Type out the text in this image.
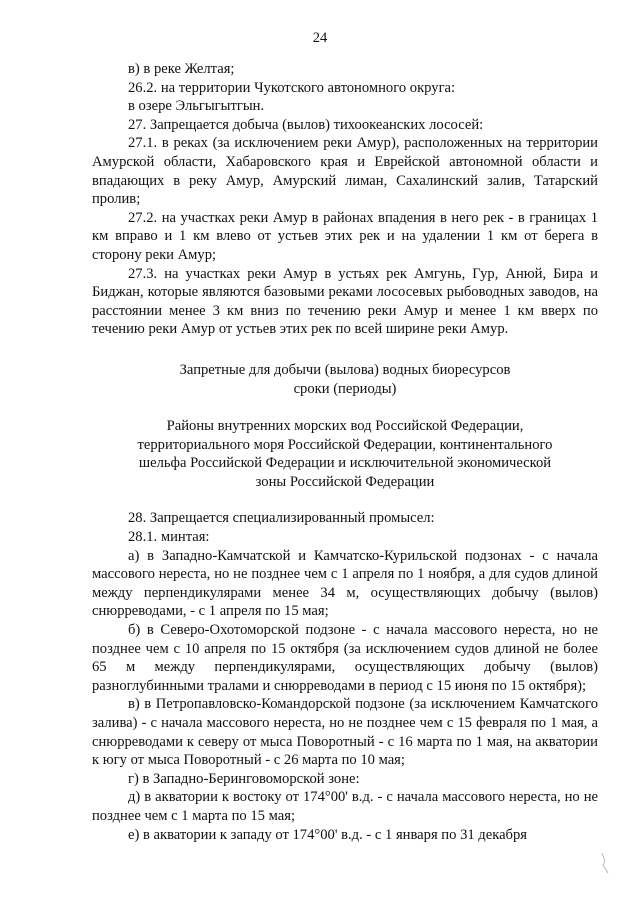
24

в) в реке Желтая;

26.2. на территории Чукотского автономного округа:

в озере Эльгыгытгын.

27. Запрещается добыча (вылов) тихоокеанских лососей:

27.1. в реках (за исключением реки Амур), расположенных на территории Амурской области, Хабаровского края и Еврейской автономной области и впадающих в реку Амур, Амурский лиман, Сахалинский залив, Татарский пролив;

27.2. на участках реки Амур в районах впадения в него рек - в границах 1 км вправо и 1 км влево от устьев этих рек и на удалении 1 км от берега в сторону реки Амур;

27.3. на участках реки Амур в устьях рек Амгунь, Гур, Анюй, Бира и Биджан, которые являются базовыми реками лососевых рыбоводных заводов, на расстоянии менее 3 км вниз по течению реки Амур и менее 1 км вверх по течению реки Амур от устьев этих рек по всей ширине реки Амур.

Запретные для добычи (вылова) водных биоресурсов

сроки (периоды)

Районы внутренних морских вод Российской Федерации,

территориального моря Российской Федерации, континентального

шельфа Российской Федерации и исключительной экономической

зоны Российской Федерации

28. Запрещается специализированный промысел:

28.1. минтая:

а) в Западно-Камчатской и Камчатско-Курильской подзонах - с начала массового нереста, но не позднее чем с 1 апреля по 1 ноября, а для судов длиной между перпендикулярами менее 34 м, осуществляющих добычу (вылов) снюрреводами, - с 1 апреля по 15 мая;

б) в Северо-Охотоморской подзоне - с начала массового нереста, но не позднее чем с 10 апреля по 15 октября (за исключением судов длиной не более 65 м между перпендикулярами, осуществляющих добычу (вылов) разноглубинными тралами и снюрреводами в период с 15 июня по 15 октября);

в) в Петропавловско-Командорской подзоне (за исключением Камчатского залива) - с начала массового нереста, но не позднее чем с 15 февраля по 1 мая, а снюрреводами к северу от мыса Поворотный - с 16 марта по 1 мая, на акватории к югу от мыса Поворотный - с 26 марта по 10 мая;

г) в Западно-Беринговоморской зоне:

д) в акватории к востоку от 174°00' в.д. - с начала массового нереста, но не позднее чем с 1 марта по 15 мая;

е) в акватории к западу от 174°00' в.д. - с 1 января по 31 декабря
